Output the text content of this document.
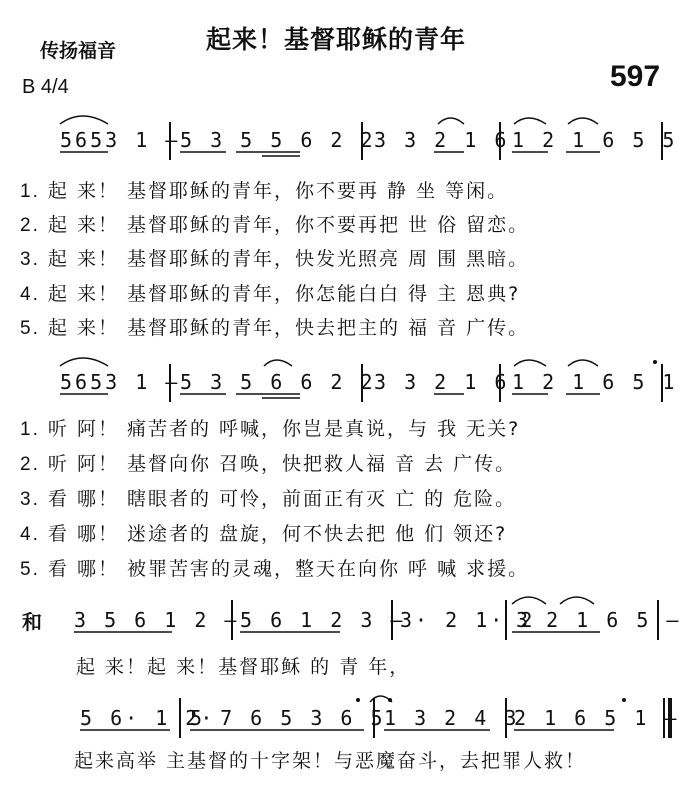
起来！基督耶稣的青年
传扬福音
B 4/4	597
5653 1 — 5 3 5 5 6 2 2
3 3 2 1 6 1 2 1 6 5 5
1. 起 来！ 基督耶稣的青年，你不要再 静 坐 等闲。
2. 起 来！ 基督耶稣的青年，你不要再把 世 俗 留恋。
3. 起 来！ 基督耶稣的青年，快发光照亮 周 围 黑暗。
4. 起 来！ 基督耶稣的青年，你怎能白白 得 主 恩典?
5. 起 来！ 基督耶稣的青年，快去把主的 福 音 广传。
5653 1 — 5 3 5 6 6 2 2
3 3 2 1 6 1 2 1 6 5 1
1. 听 阿！ 痛苦者的 呼喊，你岂是真说，与 我 无关?
2. 听 阿！ 基督向你 召唤，快把救人福 音 去 广传。
3. 看 哪！ 瞎眼者的 可怜，前面正有灭 亡 的 危险。
4. 看 哪！ 迷途者的 盘旋，何不快去把 他 们 领还?
5. 看 哪！ 被罪苦害的灵魂，整天在向你 呼 喊 求援。
和 3 5 6 1 2 — 5 6 1 2 3 —
3· 2 1· 2
3 2 1 6 5 —
起 来！起 来！基督耶稣 的 青 年，
5 6· 1 2·
5 7 6 5 3 6 5
1 3 2 4 3
2 1 6 5 1 —
起来高举 主基督的十字架！与恶魔奋斗，去把罪人救！
